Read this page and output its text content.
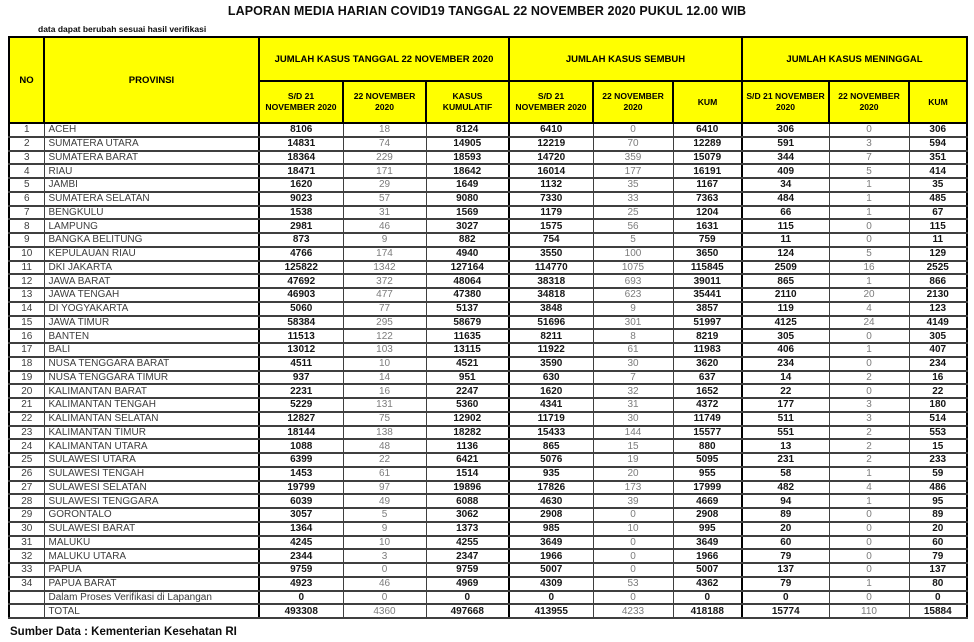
LAPORAN MEDIA HARIAN COVID19 TANGGAL 22 NOVEMBER 2020 PUKUL 12.00 WIB
data dapat berubah sesuai hasil verifikasi
NO	PROVINSI	JUMLAH KASUS TANGGAL 22 NOVEMBER 2020			JUMLAH KASUS SEMBUH			JUMLAH KASUS MENINGGAL		
		S/D 21 NOVEMBER 2020	22 NOVEMBER 2020	KASUS KUMULATIF	S/D 21 NOVEMBER 2020	22 NOVEMBER 2020	KUM	S/D 21 NOVEMBER 2020	22 NOVEMBER 2020	KUM
1	ACEH	8106	18	8124	6410	0	6410	306	0	306
2	SUMATERA UTARA	14831	74	14905	12219	70	12289	591	3	594
3	SUMATERA BARAT	18364	229	18593	14720	359	15079	344	7	351
4	RIAU	18471	171	18642	16014	177	16191	409	5	414
5	JAMBI	1620	29	1649	1132	35	1167	34	1	35
6	SUMATERA SELATAN	9023	57	9080	7330	33	7363	484	1	485
7	BENGKULU	1538	31	1569	1179	25	1204	66	1	67
8	LAMPUNG	2981	46	3027	1575	56	1631	115	0	115
9	BANGKA BELITUNG	873	9	882	754	5	759	11	0	11
10	KEPULAUAN RIAU	4766	174	4940	3550	100	3650	124	5	129
11	DKI JAKARTA	125822	1342	127164	114770	1075	115845	2509	16	2525
12	JAWA BARAT	47692	372	48064	38318	693	39011	865	1	866
13	JAWA TENGAH	46903	477	47380	34818	623	35441	2110	20	2130
14	DI YOGYAKARTA	5060	77	5137	3848	9	3857	119	4	123
15	JAWA TIMUR	58384	295	58679	51696	301	51997	4125	24	4149
16	BANTEN	11513	122	11635	8211	8	8219	305	0	305
17	BALI	13012	103	13115	11922	61	11983	406	1	407
18	NUSA TENGGARA BARAT	4511	10	4521	3590	30	3620	234	0	234
19	NUSA TENGGARA TIMUR	937	14	951	630	7	637	14	2	16
20	KALIMANTAN BARAT	2231	16	2247	1620	32	1652	22	0	22
21	KALIMANTAN TENGAH	5229	131	5360	4341	31	4372	177	3	180
22	KALIMANTAN SELATAN	12827	75	12902	11719	30	11749	511	3	514
23	KALIMANTAN TIMUR	18144	138	18282	15433	144	15577	551	2	553
24	KALIMANTAN UTARA	1088	48	1136	865	15	880	13	2	15
25	SULAWESI UTARA	6399	22	6421	5076	19	5095	231	2	233
26	SULAWESI TENGAH	1453	61	1514	935	20	955	58	1	59
27	SULAWESI SELATAN	19799	97	19896	17826	173	17999	482	4	486
28	SULAWESI TENGGARA	6039	49	6088	4630	39	4669	94	1	95
29	GORONTALO	3057	5	3062	2908	0	2908	89	0	89
30	SULAWESI BARAT	1364	9	1373	985	10	995	20	0	20
31	MALUKU	4245	10	4255	3649	0	3649	60	0	60
32	MALUKU UTARA	2344	3	2347	1966	0	1966	79	0	79
33	PAPUA	9759	0	9759	5007	0	5007	137	0	137
34	PAPUA BARAT	4923	46	4969	4309	53	4362	79	1	80
	Dalam Proses Verifikasi di Lapangan	0	0	0	0	0	0	0	0	0
	TOTAL	493308	4360	497668	413955	4233	418188	15774	110	15884
Sumber Data : Kementerian Kesehatan RI
